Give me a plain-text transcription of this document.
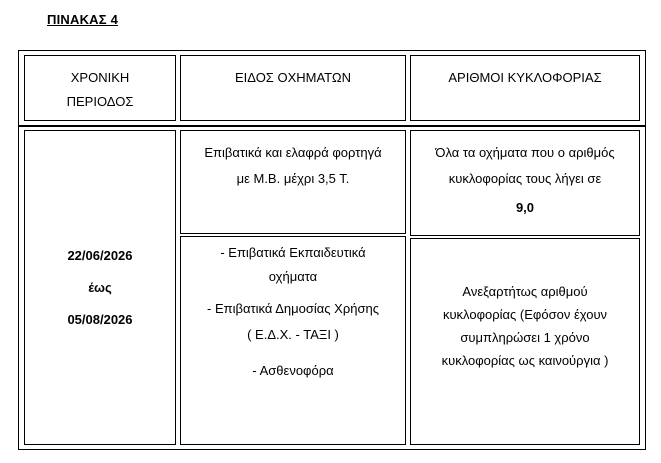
ΠΙΝΑΚΑΣ 4
ΧΡΟΝΙΚΗ
ΠΕΡΙΟΔΟΣ
ΕΙΔΟΣ ΟΧΗΜΑΤΩΝ	ΑΡΙΘΜΟΙ ΚΥΚΛΟΦΟΡΙΑΣ
22/06/2026
έως
05/08/2026
Επιβατικά και ελαφρά φορτηγά
με Μ.Β. μέχρι 3,5 Τ.
- Επιβατικά Εκπαιδευτικά
οχήματα
- Επιβατικά Δημοσίας Χρήσης
( Ε.Δ.Χ. - ΤΑΞΙ )
- Ασθενοφόρα
Όλα τα οχήματα που ο αριθμός
κυκλοφορίας τους λήγει σε
9,0
Ανεξαρτήτως αριθμού
κυκλοφορίας (Εφόσον έχουν
συμπληρώσει 1 χρόνο
κυκλοφορίας ως καινούργια )
